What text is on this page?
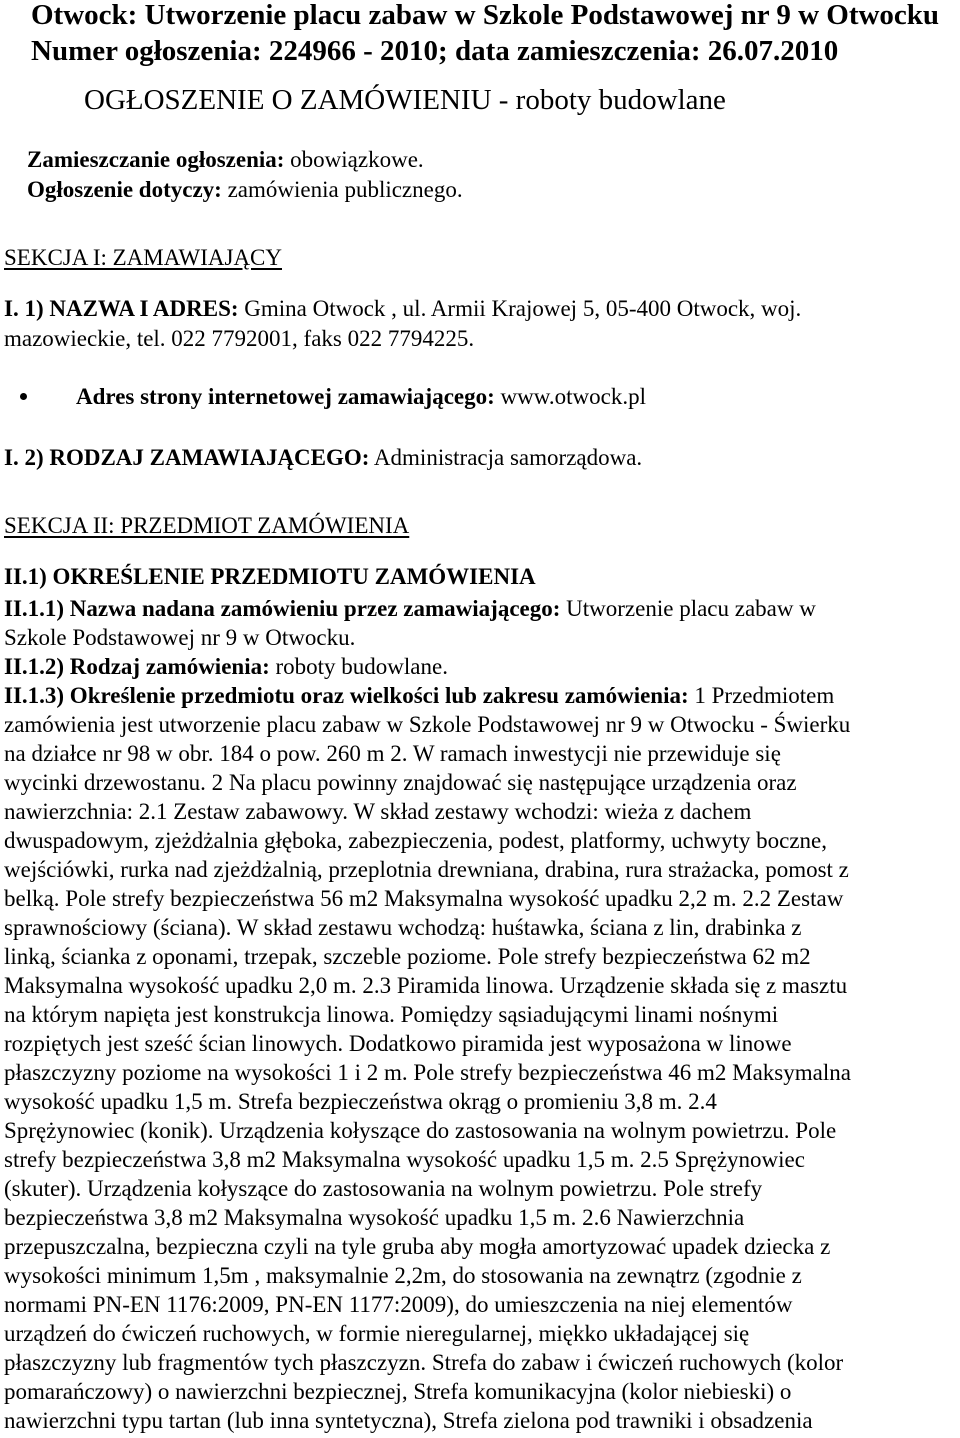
Otwock: Utworzenie placu zabaw w Szkole Podstawowej nr 9 w Otwocku
Numer ogłoszenia: 224966 - 2010; data zamieszczenia: 26.07.2010
OGŁOSZENIE O ZAMÓWIENIU - roboty budowlane
Zamieszczanie ogłoszenia: obowiązkowe.
Ogłoszenie dotyczy: zamówienia publicznego.
SEKCJA I: ZAMAWIAJĄCY
I. 1) NAZWA I ADRES: Gmina Otwock , ul. Armii Krajowej 5, 05-400 Otwock, woj.
mazowieckie, tel. 022 7792001, faks 022 7794225.
Adres strony internetowej zamawiającego: www.otwock.pl
I. 2) RODZAJ ZAMAWIAJĄCEGO: Administracja samorządowa.
SEKCJA II: PRZEDMIOT ZAMÓWIENIA
II.1) OKREŚLENIE PRZEDMIOTU ZAMÓWIENIA
II.1.1) Nazwa nadana zamówieniu przez zamawiającego: Utworzenie placu zabaw w
Szkole Podstawowej nr 9 w Otwocku.
II.1.2) Rodzaj zamówienia: roboty budowlane.
II.1.3) Określenie przedmiotu oraz wielkości lub zakresu zamówienia: 1 Przedmiotem
zamówienia jest utworzenie placu zabaw w Szkole Podstawowej nr 9 w Otwocku - Świerku
na działce nr 98 w obr. 184 o pow. 260 m 2. W ramach inwestycji nie przewiduje się
wycinki drzewostanu. 2 Na placu powinny znajdować się następujące urządzenia oraz
nawierzchnia: 2.1 Zestaw zabawowy. W skład zestawy wchodzi: wieża z dachem
dwuspadowym, zjeżdżalnia głęboka, zabezpieczenia, podest, platformy, uchwyty boczne,
wejściówki, rurka nad zjeżdżalnią, przeplotnia drewniana, drabina, rura strażacka, pomost z
belką. Pole strefy bezpieczeństwa 56 m2 Maksymalna wysokość upadku 2,2 m. 2.2 Zestaw
sprawnościowy (ściana). W skład zestawu wchodzą: huśtawka, ściana z lin, drabinka z
linką, ścianka z oponami, trzepak, szczeble poziome. Pole strefy bezpieczeństwa 62 m2
Maksymalna wysokość upadku 2,0 m. 2.3 Piramida linowa. Urządzenie składa się z masztu
na którym napięta jest konstrukcja linowa. Pomiędzy sąsiadującymi linami nośnymi
rozpiętych jest sześć ścian linowych. Dodatkowo piramida jest wyposażona w linowe
płaszczyzny poziome na wysokości 1 i 2 m. Pole strefy bezpieczeństwa 46 m2 Maksymalna
wysokość upadku 1,5 m. Strefa bezpieczeństwa okrąg o promieniu 3,8 m. 2.4
Sprężynowiec (konik). Urządzenia kołyszące do zastosowania na wolnym powietrzu. Pole
strefy bezpieczeństwa 3,8 m2 Maksymalna wysokość upadku 1,5 m. 2.5 Sprężynowiec
(skuter). Urządzenia kołyszące do zastosowania na wolnym powietrzu. Pole strefy
bezpieczeństwa 3,8 m2 Maksymalna wysokość upadku 1,5 m. 2.6 Nawierzchnia
przepuszczalna, bezpieczna czyli na tyle gruba aby mogła amortyzować upadek dziecka z
wysokości minimum 1,5m , maksymalnie 2,2m, do stosowania na zewnątrz (zgodnie z
normami PN-EN 1176:2009, PN-EN 1177:2009), do umieszczenia na niej elementów
urządzeń do ćwiczeń ruchowych, w formie nieregularnej, miękko układającej się
płaszczyzny lub fragmentów tych płaszczyzn. Strefa do zabaw i ćwiczeń ruchowych (kolor
pomarańczowy) o nawierzchni bezpiecznej, Strefa komunikacyjna (kolor niebieski) o
nawierzchni typu tartan (lub inna syntetyczna), Strefa zielona pod trawniki i obsadzenia
